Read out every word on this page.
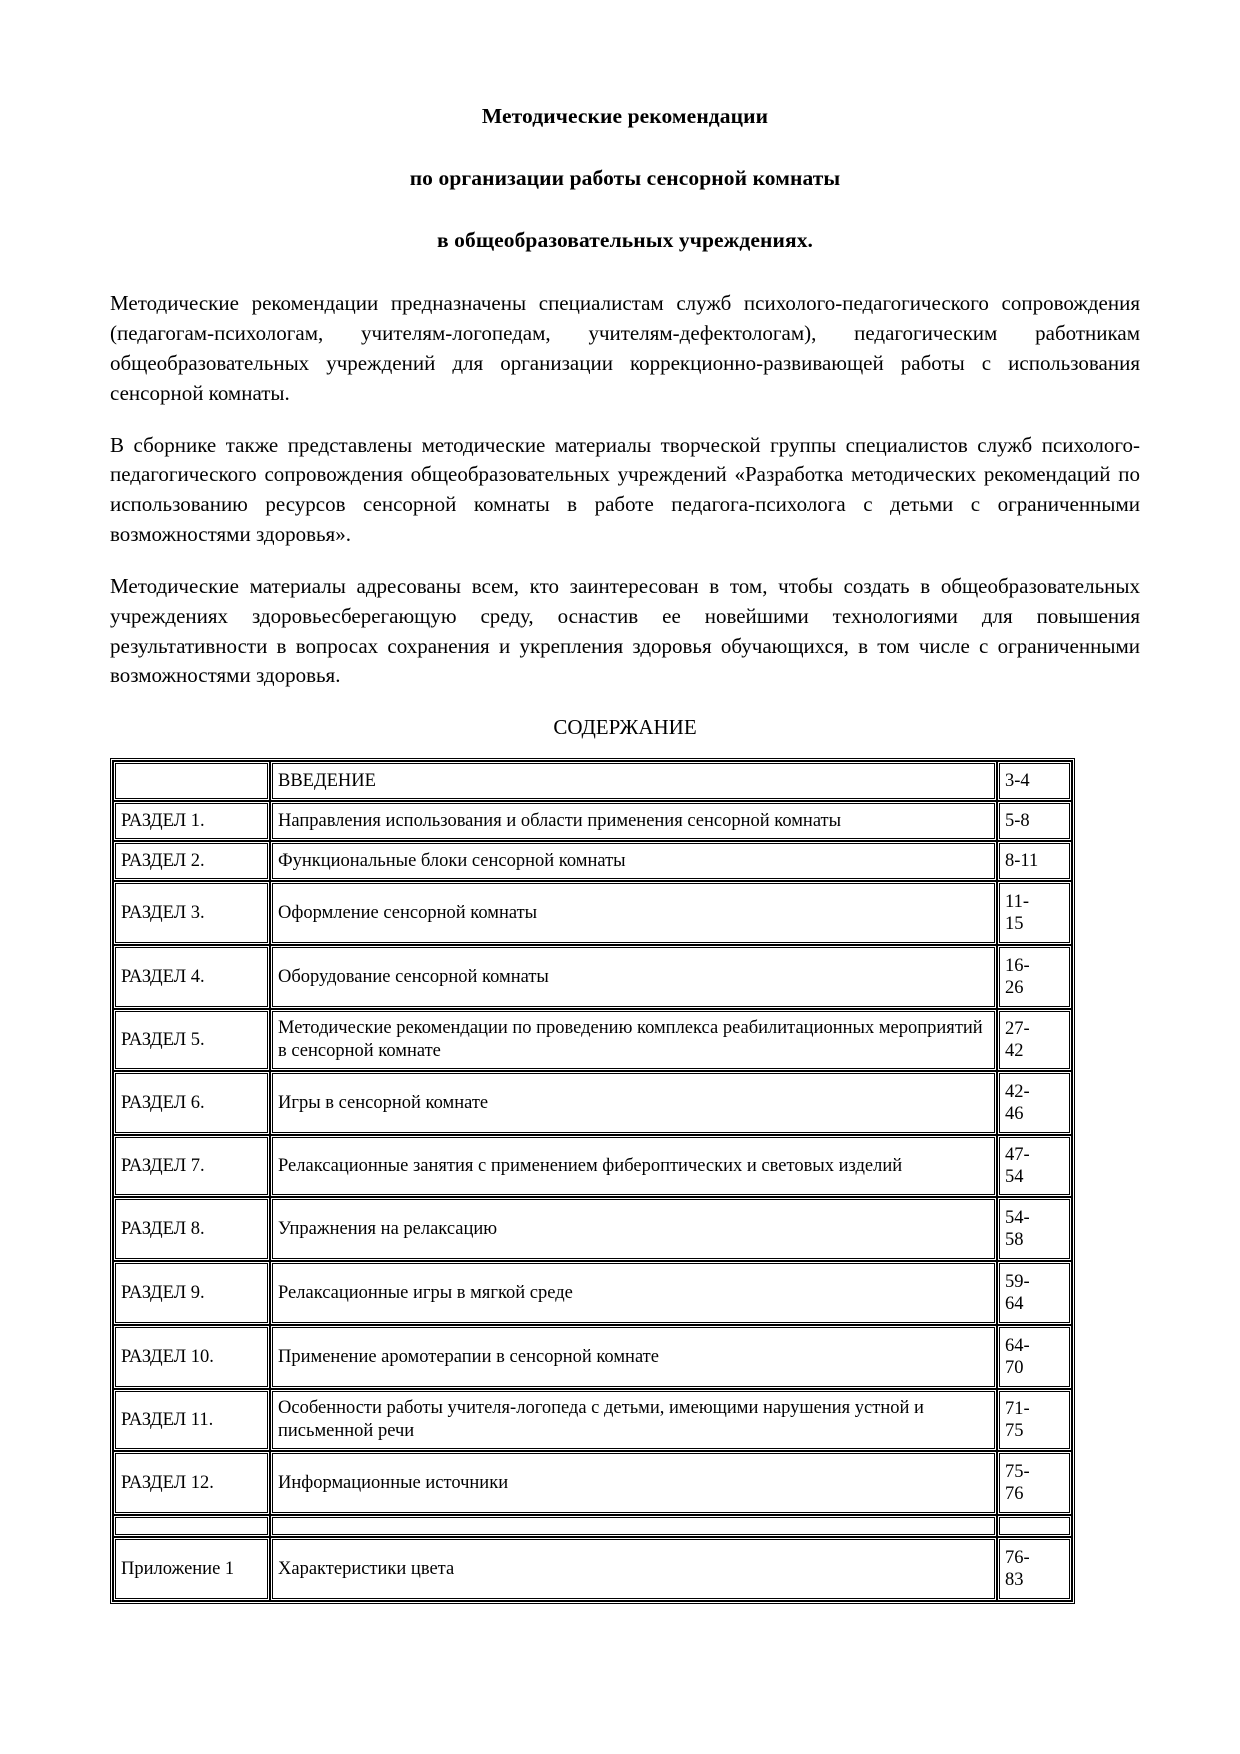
Методические рекомендации
по организации работы сенсорной комнаты
в общеобразовательных учреждениях.

Методические рекомендации предназначены специалистам служб психолого-педагогического сопровождения (педагогам-психологам, учителям-логопедам, учителям-дефектологам), педагогическим работникам общеобразовательных учреждений для организации коррекционно-развивающей работы с использования сенсорной комнаты.

В сборнике также представлены методические материалы творческой группы специалистов служб психолого-педагогического сопровождения общеобразовательных учреждений «Разработка методических рекомендаций по использованию ресурсов сенсорной комнаты в работе педагога-психолога с детьми с ограниченными возможностями здоровья».

Методические материалы адресованы всем, кто заинтересован в том, чтобы создать в общеобразовательных учреждениях здоровьесберегающую среду, оснастив ее новейшими технологиями для повышения результативности в вопросах сохранения и укрепления здоровья обучающихся, в том числе с ограниченными возможностями здоровья.

СОДЕРЖАНИЕ
	ВВЕДЕНИЕ	3-4
РАЗДЕЛ 1.	Направления использования и области применения сенсорной комнаты	5-8
РАЗДЕЛ 2.	Функциональные блоки сенсорной комнаты	8-11
РАЗДЕЛ 3.	Оформление сенсорной комнаты	11-
15

РАЗДЕЛ 4.	Оборудование сенсорной комнаты	16-
26

РАЗДЕЛ 5.	Методические рекомендации по проведению комплекса реабилитационных мероприятий в сенсорной комнате	27-
42

РАЗДЕЛ 6.	Игры в сенсорной комнате	42-
46

РАЗДЕЛ 7.	Релаксационные занятия с применением фибероптических и световых изделий	47-
54

РАЗДЕЛ 8.	Упражнения на релаксацию	54-
58

РАЗДЕЛ 9.	Релаксационные игры в мягкой среде	59-
64

РАЗДЕЛ 10.	Применение аромотерапии в сенсорной комнате	64-
70

РАЗДЕЛ 11.	Особенности работы учителя-логопеда с детьми, имеющими нарушения устной и письменной речи	71-
75

РАЗДЕЛ 12.	Информационные источники	75-
76

Приложение 1	Характеристики цвета	76-
83
